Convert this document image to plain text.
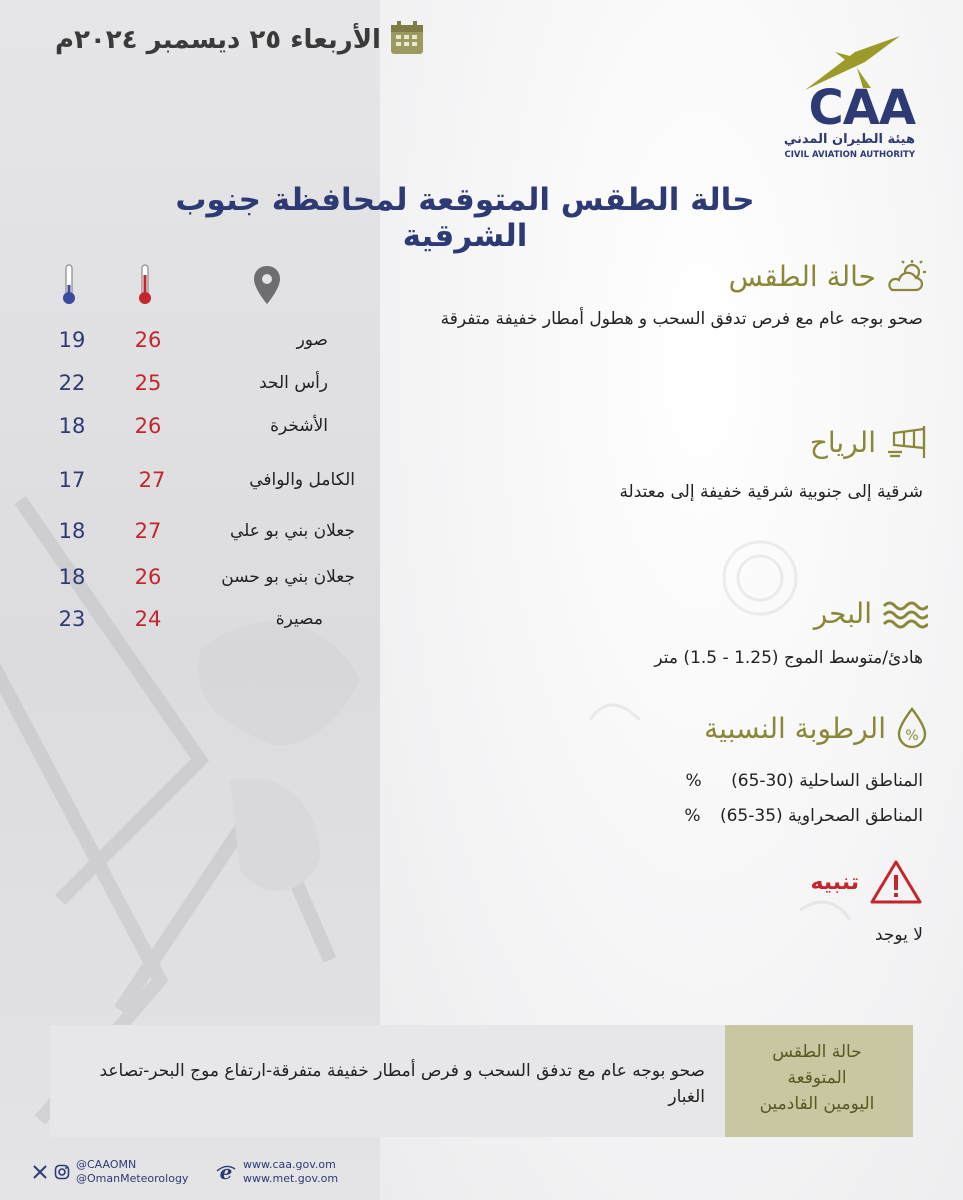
الأربعاء ٢٥ ديسمبر ٢٠٢٤م
CAA
هيئة الطيران المدني
CIVIL AVIATION AUTHORITY
حالة الطقس المتوقعة لمحافظة جنوب الشرقية
صور
26
19
رأس الحد
25
22
الأشخرة
26
18
الكامل والوافي
27
17
جعلان بني بو علي
27
18
جعلان بني بو حسن
26
18
مصيرة
24
23
حالة الطقس
صحو بوجه عام مع فرص تدفق السحب و هطول أمطار خفيفة متفرقة
الرياح
شرقية إلى جنوبية شرقية خفيفة إلى معتدلة
البحر
هادئ/متوسط الموج (1.25 - 1.5) متر
%
الرطوبة النسبية
المناطق الساحلية (30-65) %
المناطق الصحراوية (35-65) %
تنبيه
لا يوجد
حالة الطقس
المتوقعة
اليومين القادمين
صحو بوجه عام مع تدفق السحب و فرص أمطار خفيفة متفرقة-ارتفاع موج البحر-تصاعد الغبار
@CAAOMN
@OmanMeteorology e www.caa.gov.om
www.met.gov.om
